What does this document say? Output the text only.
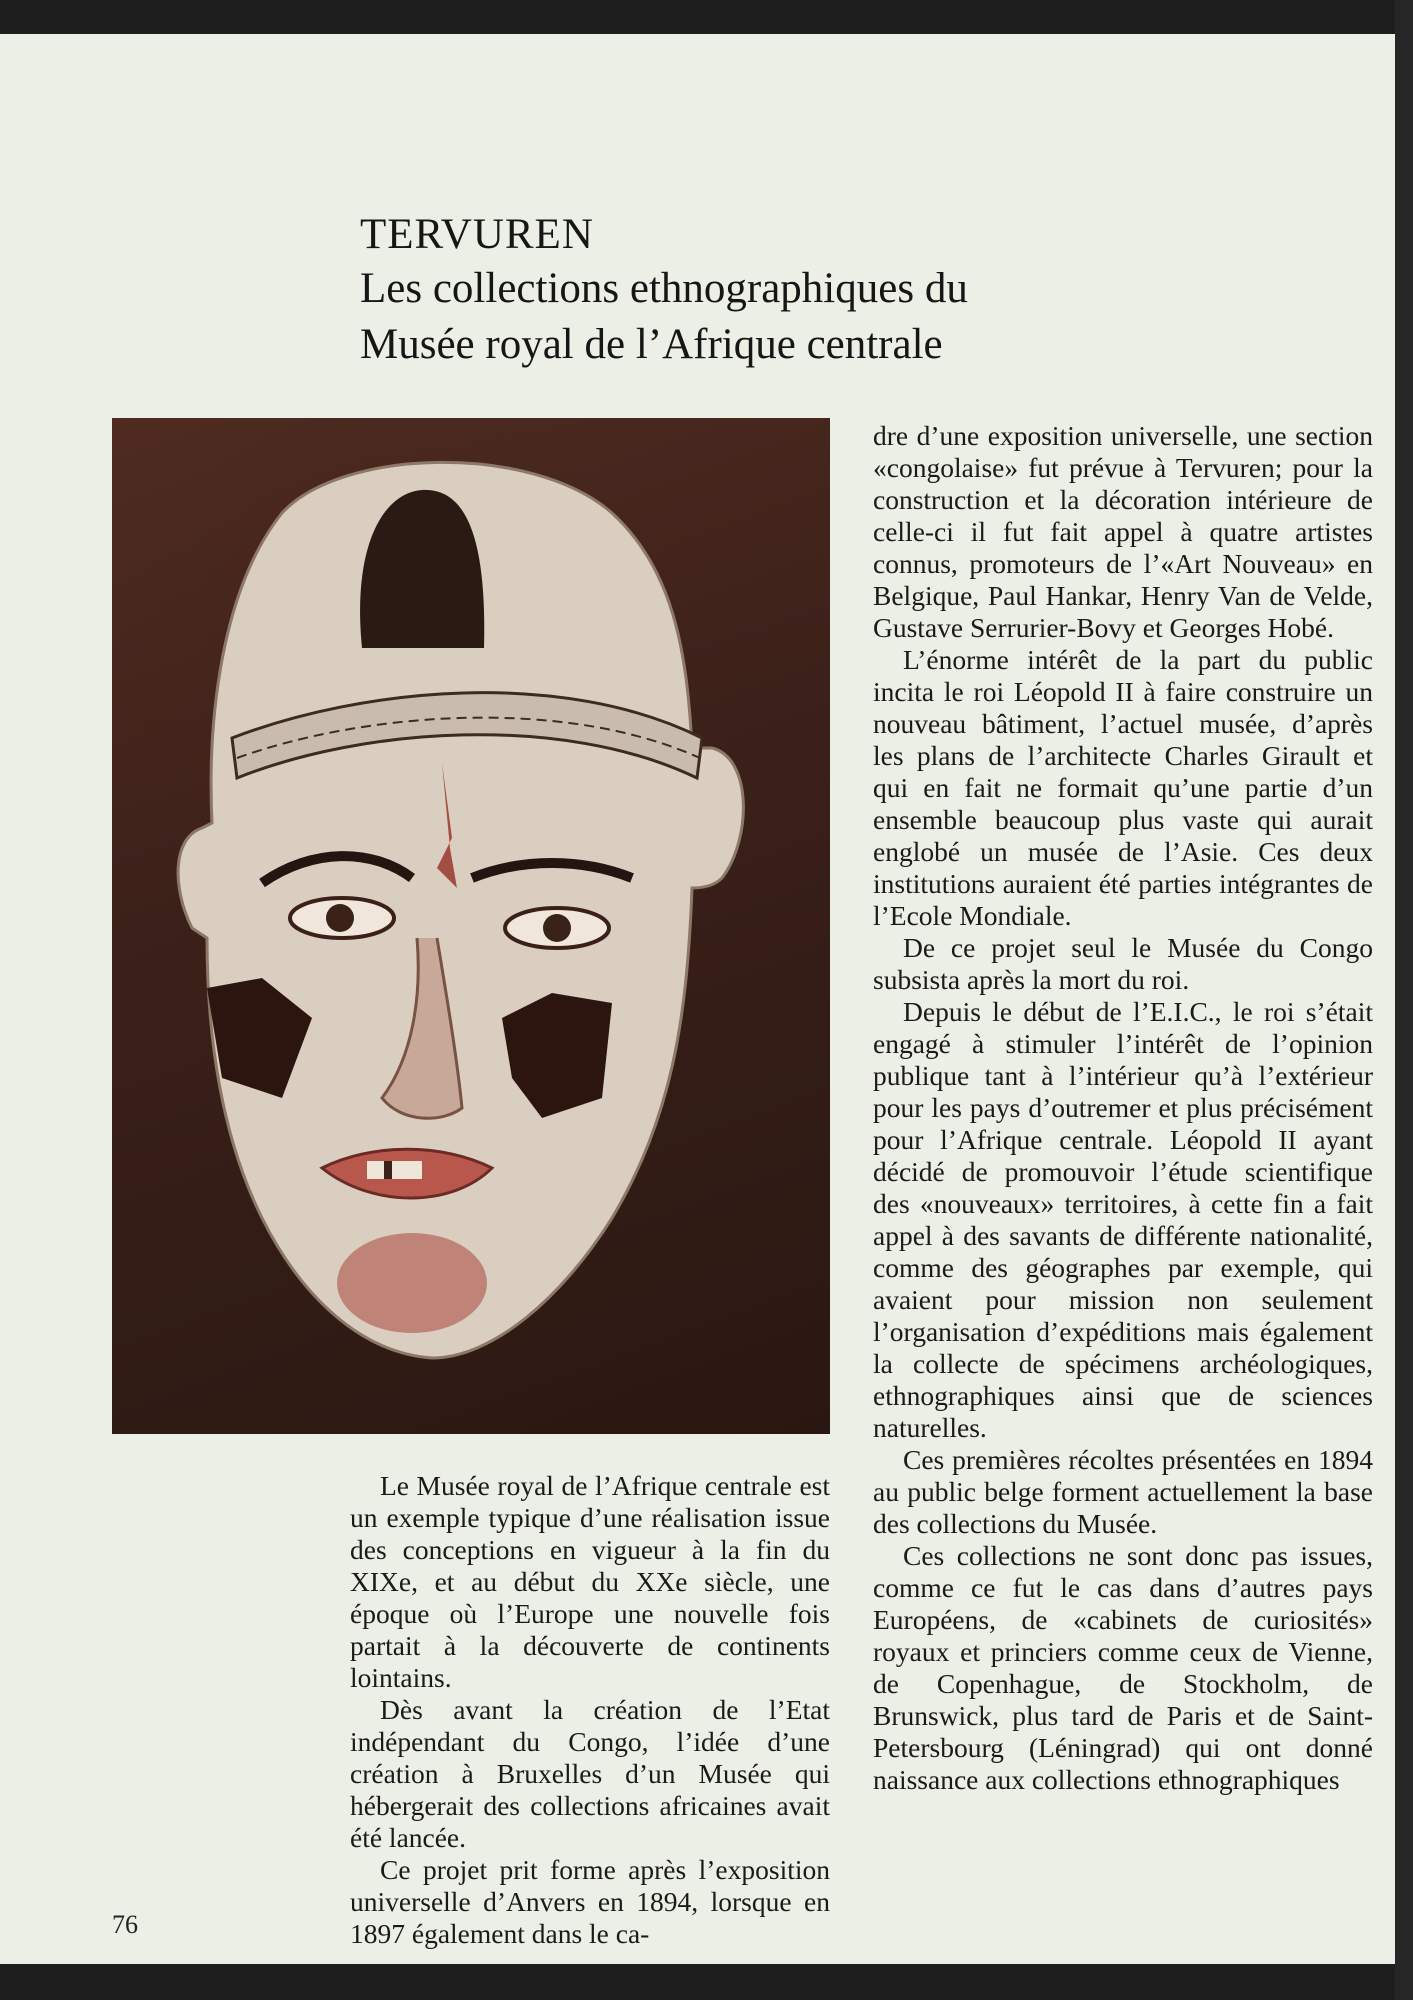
TERVUREN
Les collections ethnographiques du
Musée royal de l’Afrique centrale

Le Musée royal de l’Afrique centrale est un exemple typique d’une réalisation issue des conceptions en vigueur à la fin du XIXe, et au début du XXe siècle, une époque où l’Europe une nouvelle fois partait à la découverte de continents lointains.

Dès avant la création de l’Etat indépendant du Congo, l’idée d’une création à Bruxelles d’un Musée qui hébergerait des collections africaines avait été lancée.

Ce projet prit forme après l’exposition universelle d’Anvers en 1894, lorsque en 1897 également dans le ca-

dre d’une exposition universelle, une section «congolaise» fut prévue à Tervuren; pour la construction et la décoration intérieure de celle-ci il fut fait appel à quatre artistes connus, promoteurs de l’«Art Nouveau» en Belgique, Paul Hankar, Henry Van de Velde, Gustave Serrurier-Bovy et Georges Hobé.

L’énorme intérêt de la part du public incita le roi Léopold II à faire construire un nouveau bâtiment, l’actuel musée, d’après les plans de l’architecte Charles Girault et qui en fait ne formait qu’une partie d’un ensemble beaucoup plus vaste qui aurait englobé un musée de l’Asie. Ces deux institutions auraient été parties intégrantes de l’Ecole Mondiale.

De ce projet seul le Musée du Congo subsista après la mort du roi.

Depuis le début de l’E.I.C., le roi s’était engagé à stimuler l’intérêt de l’opinion publique tant à l’intérieur qu’à l’extérieur pour les pays d’outremer et plus précisément pour l’Afrique centrale. Léopold II ayant décidé de promouvoir l’étude scientifique des «nouveaux» territoires, à cette fin a fait appel à des savants de différente nationalité, comme des géographes par exemple, qui avaient pour mission non seulement l’organisation d’expéditions mais également la collecte de spécimens archéologiques, ethnographiques ainsi que de sciences naturelles.

Ces premières récoltes présentées en 1894 au public belge forment actuellement la base des collections du Musée.

Ces collections ne sont donc pas issues, comme ce fut le cas dans d’autres pays Européens, de «cabinets de curiosités» royaux et princiers comme ceux de Vienne, de Copenhague, de Stockholm, de Brunswick, plus tard de Paris et de Saint-Petersbourg (Léningrad) qui ont donné naissance aux collections ethnographiques

76
